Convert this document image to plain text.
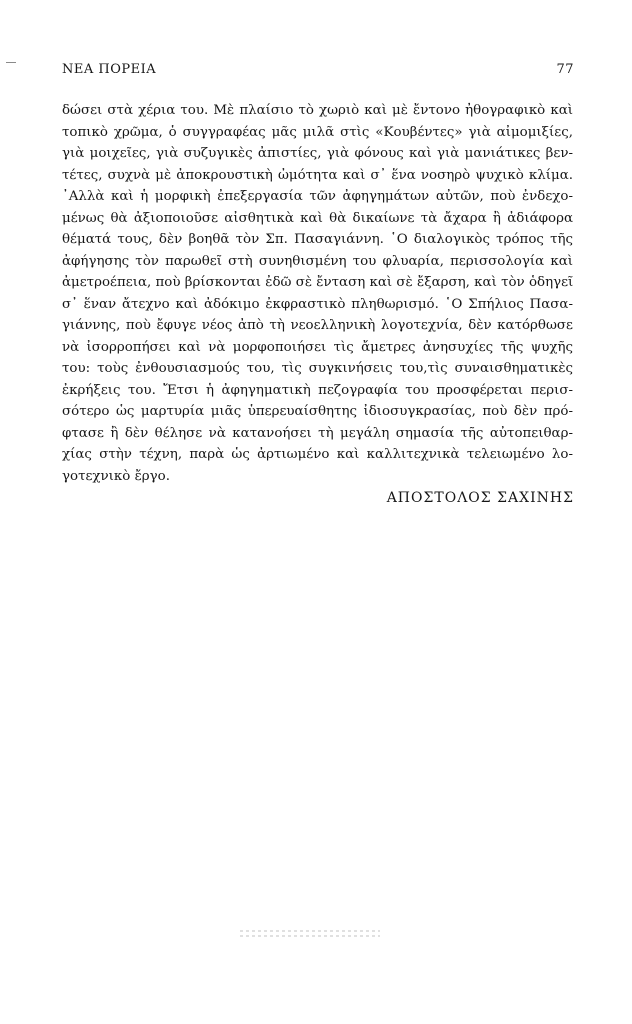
ΝΕΑ ΠΟΡΕΙΑ	77
δώσει στὰ χέρια του. Μὲ πλαίσιο τὸ χωριὸ καὶ μὲ ἔντονο ἠθογραφικὸ καὶ
τοπικὸ χρῶμα, ὁ συγγραφέας μᾶς μιλᾶ στὶς «Κουβέντες» γιὰ αἰμομιξίες,
γιὰ μοιχεῖες, γιὰ συζυγικὲς ἀπιστίες, γιὰ φόνους καὶ γιὰ μανιάτικες βεν-
τέτες, συχνὰ μὲ ἀποκρουστικὴ ὠμότητα καὶ σ᾽ ἕνα νοσηρὸ ψυχικὸ κλίμα.
᾽Αλλὰ καὶ ἡ μορφικὴ ἐπεξεργασία τῶν ἀφηγημάτων αὐτῶν, ποὺ ἐνδεχο-
μένως θὰ ἀξιοποιοῦσε αἰσθητικὰ καὶ θὰ δικαίωνε τὰ ἄχαρα ἢ ἀδιάφορα
θέματά τους, δὲν βοηθᾶ τὸν Σπ. Πασαγιάννη. ῾Ο διαλογικὸς τρόπος τῆς
ἀφήγησης τὸν παρωθεῖ στὴ συνηθισμένη του φλυαρία, περισσολογία καὶ
ἀμετροέπεια, ποὺ βρίσκονται ἐδῶ σὲ ἔνταση καὶ σὲ ἔξαρση, καὶ τὸν ὁδηγεῖ
σ᾽ ἕναν ἄτεχνο καὶ ἀδόκιμο ἐκφραστικὸ πληθωρισμό. ῾Ο Σπήλιος Πασα-
γιάννης, ποὺ ἔφυγε νέος ἀπὸ τὴ νεοελληνικὴ λογοτεχνία, δὲν κατόρθωσε
νὰ ἰσορροπήσει καὶ νὰ μορφοποιήσει τὶς ἄμετρες ἀνησυχίες τῆς ψυχῆς
του: τοὺς ἐνθουσιασμούς του, τὶς συγκινήσεις του,τὶς συναισθηματικὲς
ἐκρήξεις του. Ἔτσι ἡ ἀφηγηματικὴ πεζογραφία του προσφέρεται περισ-
σότερο ὡς μαρτυρία μιᾶς ὑπερευαίσθητης ἰδιοσυγκρασίας, ποὺ δὲν πρό-
φτασε ἢ δὲν θέλησε νὰ κατανοήσει τὴ μεγάλη σημασία τῆς αὐτοπειθαρ-
χίας στὴν τέχνη, παρὰ ὡς ἀρτιωμένο καὶ καλλιτεχνικὰ τελειωμένο λο-
γοτεχνικὸ ἔργο.
ΑΠΟΣΤΟΛΟΣ ΣΑΧΙΝΗΣ
